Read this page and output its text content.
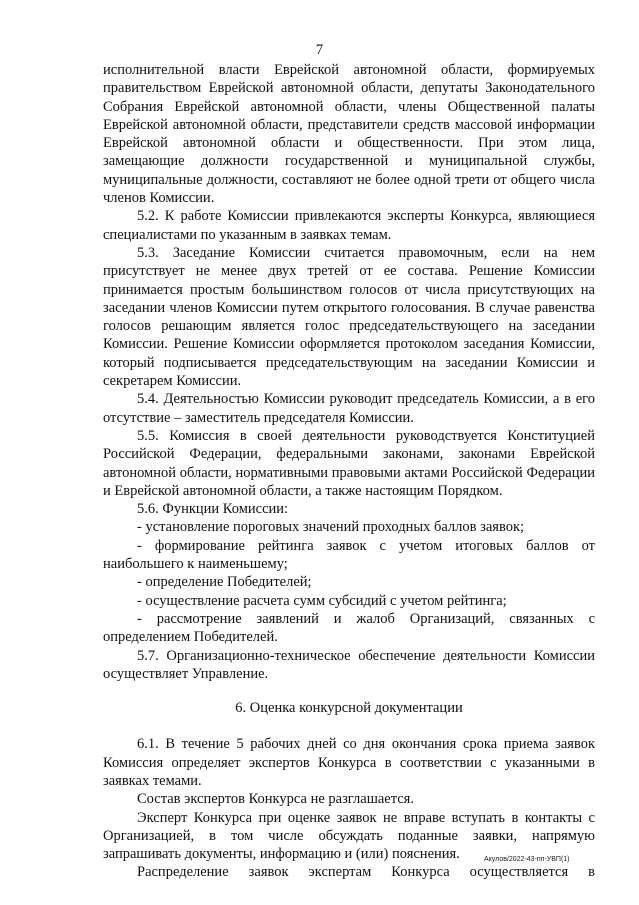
7
исполнительной власти Еврейской автономной области, формируемых правительством Еврейской автономной области, депутаты Законодательного Собрания Еврейской автономной области, члены Общественной палаты Еврейской автономной области, представители средств массовой информации Еврейской автономной области и общественности. При этом лица, замещающие должности государственной и муниципальной службы, муниципальные должности, составляют не более одной трети от общего числа членов Комиссии.
5.2. К работе Комиссии привлекаются эксперты Конкурса, являющиеся специалистами по указанным в заявках темам.
5.3. Заседание Комиссии считается правомочным, если на нем присутствует не менее двух третей от ее состава. Решение Комиссии принимается простым большинством голосов от числа присутствующих на заседании членов Комиссии путем открытого голосования. В случае равенства голосов решающим является голос председательствующего на заседании Комиссии. Решение Комиссии оформляется протоколом заседания Комиссии, который подписывается председательствующим на заседании Комиссии и секретарем Комиссии.
5.4. Деятельностью Комиссии руководит председатель Комиссии, а в его отсутствие – заместитель председателя Комиссии.
5.5. Комиссия в своей деятельности руководствуется Конституцией Российской Федерации, федеральными законами, законами Еврейской автономной области, нормативными правовыми актами Российской Федерации и Еврейской автономной области, а также настоящим Порядком.
5.6. Функции Комиссии:
- установление пороговых значений проходных баллов заявок;
- формирование рейтинга заявок с учетом итоговых баллов от наибольшего к наименьшему;
- определение Победителей;
- осуществление расчета сумм субсидий с учетом рейтинга;
- рассмотрение заявлений и жалоб Организаций, связанных с определением Победителей.
5.7. Организационно-техническое обеспечение деятельности Комиссии осуществляет Управление.
6. Оценка конкурсной документации
6.1. В течение 5 рабочих дней со дня окончания срока приема заявок Комиссия определяет экспертов Конкурса в соответствии с указанными в заявках темами.
Состав экспертов Конкурса не разглашается.
Эксперт Конкурса при оценке заявок не вправе вступать в контакты с Организацией, в том числе обсуждать поданные заявки, напрямую запрашивать документы, информацию и (или) пояснения.
Распределение заявок экспертам Конкурса осуществляется в
Акулов/2022-43-пп-УВП(1)
